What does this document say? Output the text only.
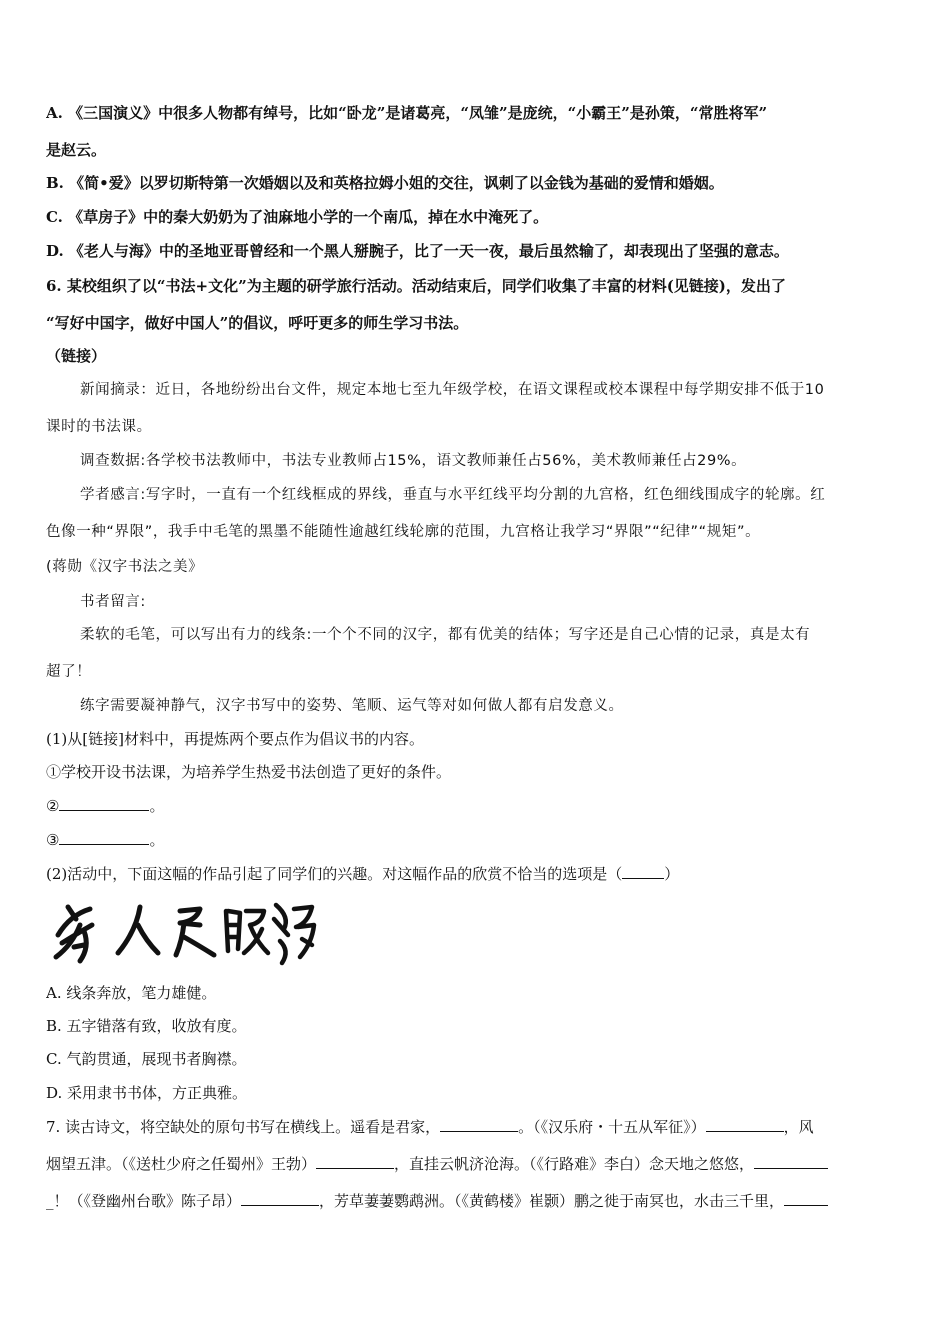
A. 《三国演义》中很多人物都有绰号，比如“卧龙”是诸葛亮，“凤雏”是庞统，“小霸王”是孙策，“常胜将军”
是赵云。
B. 《简•爱》以罗切斯特第一次婚姻以及和英格拉姆小姐的交往，讽刺了以金钱为基础的爱情和婚姻。
C. 《草房子》中的秦大奶奶为了油麻地小学的一个南瓜，掉在水中淹死了。
D. 《老人与海》中的圣地亚哥曾经和一个黑人掰腕子，比了一天一夜，最后虽然输了，却表现出了坚强的意志。
6. 某校组织了以“书法+文化”为主题的研学旅行活动。活动结束后，同学们收集了丰富的材料(见链接)，发出了
“写好中国字，做好中国人”的倡议，呼吁更多的师生学习书法。
（链接）
新闻摘录：近日，各地纷纷出台文件，规定本地七至九年级学校，在语文课程或校本课程中每学期安排不低于10
课时的书法课。
调查数据:各学校书法教师中，书法专业教师占15%，语文教师兼任占56%，美术教师兼任占29%。
学者感言:写字时，一直有一个红线框成的界线，垂直与水平红线平均分割的九宫格，红色细线围成字的轮廓。红
色像一种“界限”，我手中毛笔的黑墨不能随性逾越红线轮廓的范围，九宫格让我学习“界限”“纪律”“规矩”。
(蒋勋《汉字书法之美》
书者留言:
柔软的毛笔，可以写出有力的线条:一个个不同的汉字，都有优美的结体；写字还是自己心情的记录，真是太有
超了！
练字需要凝神静气，汉字书写中的姿势、笔顺、运气等对如何做人都有启发意义。
(1)从[链接]材料中，再提炼两个要点作为倡议书的内容。
①学校开设书法课，为培养学生热爱书法创造了更好的条件。
②	。
③	。
(2)活动中，下面这幅的作品引起了同学们的兴趣。对这幅作品的欣赏不恰当的选项是（	）
A. 线条奔放，笔力雄健。
B. 五字错落有致，收放有度。
C. 气韵贯通，展现书者胸襟。
D. 采用隶书书体，方正典雅。
7. 读古诗文，将空缺处的原句书写在横线上。遥看是君家，	。（《汉乐府・十五从军征》）	，风
烟望五津。（《送杜少府之任蜀州》王勃）	，直挂云帆济沧海。（《行路难》李白）念天地之悠悠，
_！（《登幽州台歌》陈子昂）	，芳草萋萋鹦鹉洲。（《黄鹤楼》崔颢）鹏之徙于南冥也，水击三千里，
